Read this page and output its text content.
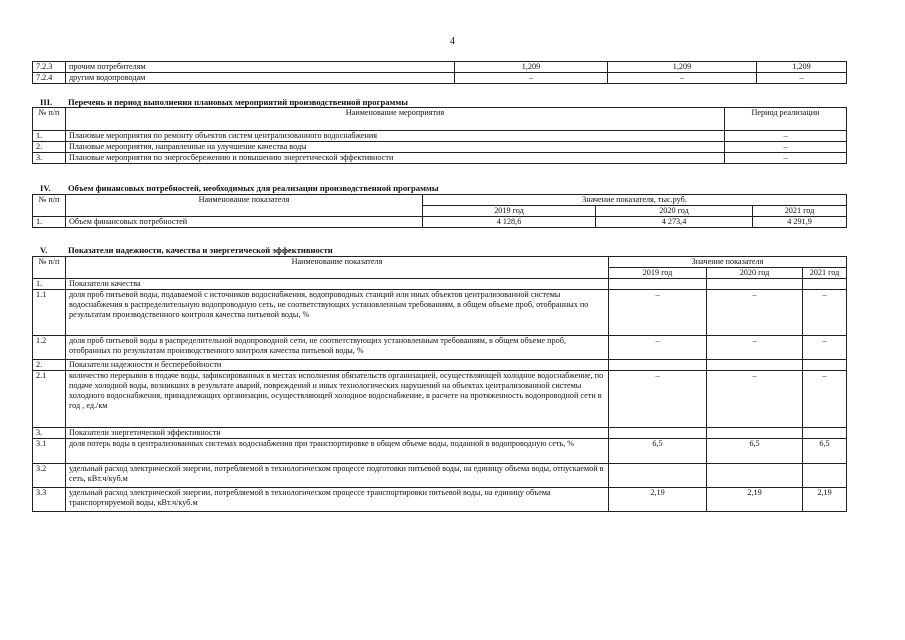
4
7.2.3	прочим потребителям	1,209	1,209	1,209
7.2.4	другим водопроводам	–	–	–
III. Перечень и период выполнения плановых мероприятий производственной программы
№ п/п	Наименование мероприятия	Период реализации
1.	Плановые мероприятия по ремонту объектов систем централизованного водоснабжения	–
2.	Плановые мероприятия, направленные на улучшение качества воды	–
3.	Плановые мероприятия по энергосбережению и повышению энергетической эффективности	–
IV. Объем финансовых потребностей, необходимых для реализации производственной программы
№ п/п	Наименование показателя	Значение показателя, тыс.руб.		
		2019 год	2020 год	2021 год
1.	Объем финансовых потребностей	4 128,6	4 273,4	4 291,9
V. Показатели надежности, качества и энергетической эффективности
№ п/п	Наименование показателя	Значение показателя		
		2019 год	2020 год	2021 год
1.	Показатели качества			
1.1	доля проб питьевой воды, подаваемой с источников водоснабжения, водопроводных станций или иных объектов централизованной системы водоснабжения в распределительную водопроводную сеть, не соответствующих установленным требованиям, в общем объеме проб, отобранных по результатам производственного контроля качества питьевой воды, %	–	–	–
1.2	доля проб питьевой воды в распределительной водопроводной сети, не соответствующих установленным требованиям, в общем объеме проб, отобранных по результатам производственного контроля качества питьевой воды, %	–	–	–
2.	Показатели надежности и бесперебойности			
2.1	количество перерывов в подаче воды, зафиксированных в местах исполнения обязательств организацией, осуществляющей холодное водоснабжение, по подаче холодной воды, возникших в результате аварий, повреждений и иных технологических нарушений на объектах централизованной системы холодного водоснабжения, принадлежащих организации, осуществляющей холодное водоснабжение, в расчете на протяженность водопроводной сети в год , ед./км	–	–	–
3.	Показатели энергетической эффективности			
3.1	доля потерь воды в централизованных системах водоснабжения при транспортировке в общем объеме воды, поданной в водопроводную сеть, %	6,5	6,5	6,5
3.2	удельный расход электрической энергии, потребляемой в технологическом процессе подготовки питьевой воды, на единицу объема воды, отпускаемой в сеть, кВт.ч/куб.м			
3.3	удельный расход электрической энергии, потребляемой в технологическом процессе транспортировки питьевой воды, на единицу объема транспортируемой воды, кВт.ч/куб.м	2,19	2,19	2,19
